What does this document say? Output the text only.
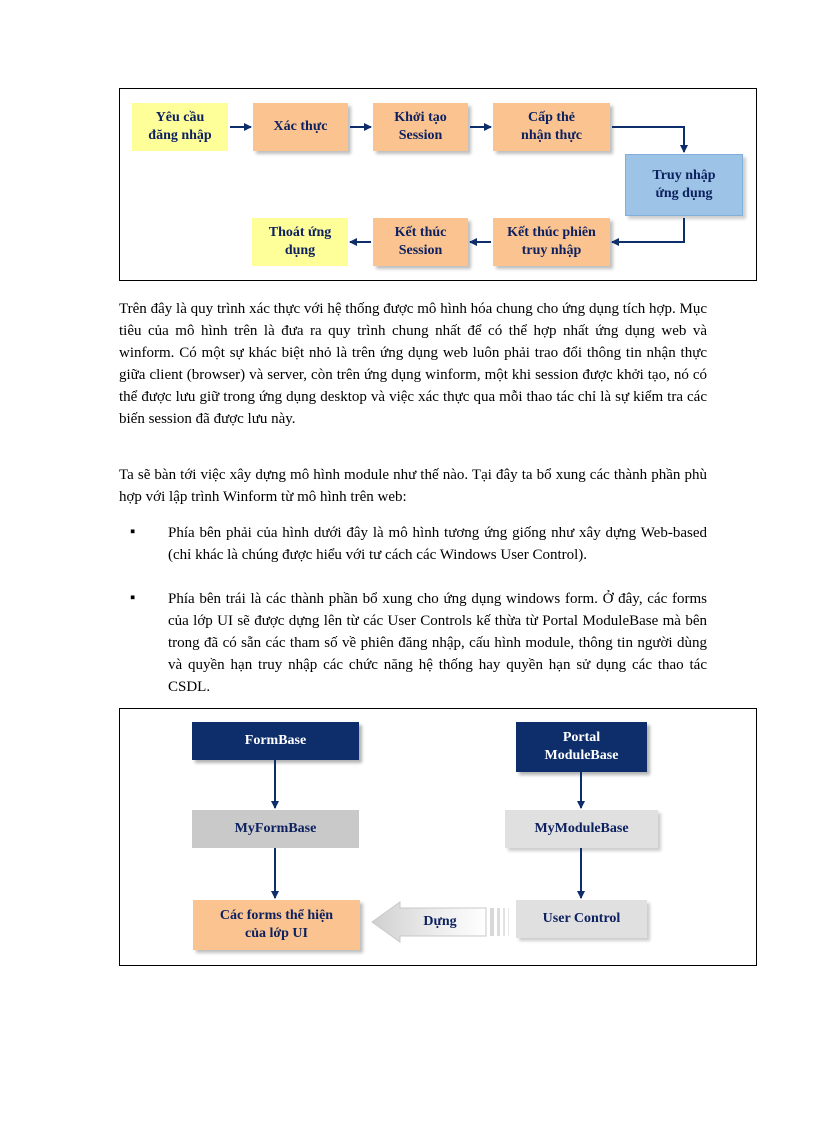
Yêu cầu
đăng nhập
Xác thực
Khởi tạo
Session
Cấp thẻ
nhận thực
Truy nhập
ứng dụng
Kết thúc phiên
truy nhập
Kết thúc
Session
Thoát ứng
dụng

Trên đây là quy trình xác thực với hệ thống được mô hình hóa chung cho ứng dụng tích hợp. Mục tiêu của mô hình trên là đưa ra quy trình chung nhất để có thể hợp nhất ứng dụng web và winform. Có một sự khác biệt nhỏ là trên ứng dụng web luôn phải trao đổi thông tin nhận thực giữa client (browser) và server, còn trên ứng dụng winform, một khi session được khởi tạo, nó có thể được lưu giữ trong ứng dụng desktop và việc xác thực qua mỗi thao tác chỉ là sự kiểm tra các biến session đã được lưu này.

Ta sẽ bàn tới việc xây dựng mô hình module như thế nào. Tại đây ta bổ xung các thành phần phù hợp với lập trình Winform từ mô hình trên web:

▪ Phía bên phải của hình dưới đây là mô hình tương ứng giống như xây dựng Web-based (chỉ khác là chúng được hiểu với tư cách các Windows User Control).

▪ Phía bên trái là các thành phần bổ xung cho ứng dụng windows form. Ở đây, các forms của lớp UI sẽ được dựng lên từ các User Controls kế thừa từ Portal ModuleBase mà bên trong đã có sẵn các tham số về phiên đăng nhập, cấu hình module, thông tin người dùng và quyền hạn truy nhập các chức năng hệ thống hay quyền hạn sử dụng các thao tác CSDL.

FormBase	Portal
ModuleBase
MyFormBase	MyModuleBase
Các forms thể hiện
của lớp UI
User Control
Dựng
